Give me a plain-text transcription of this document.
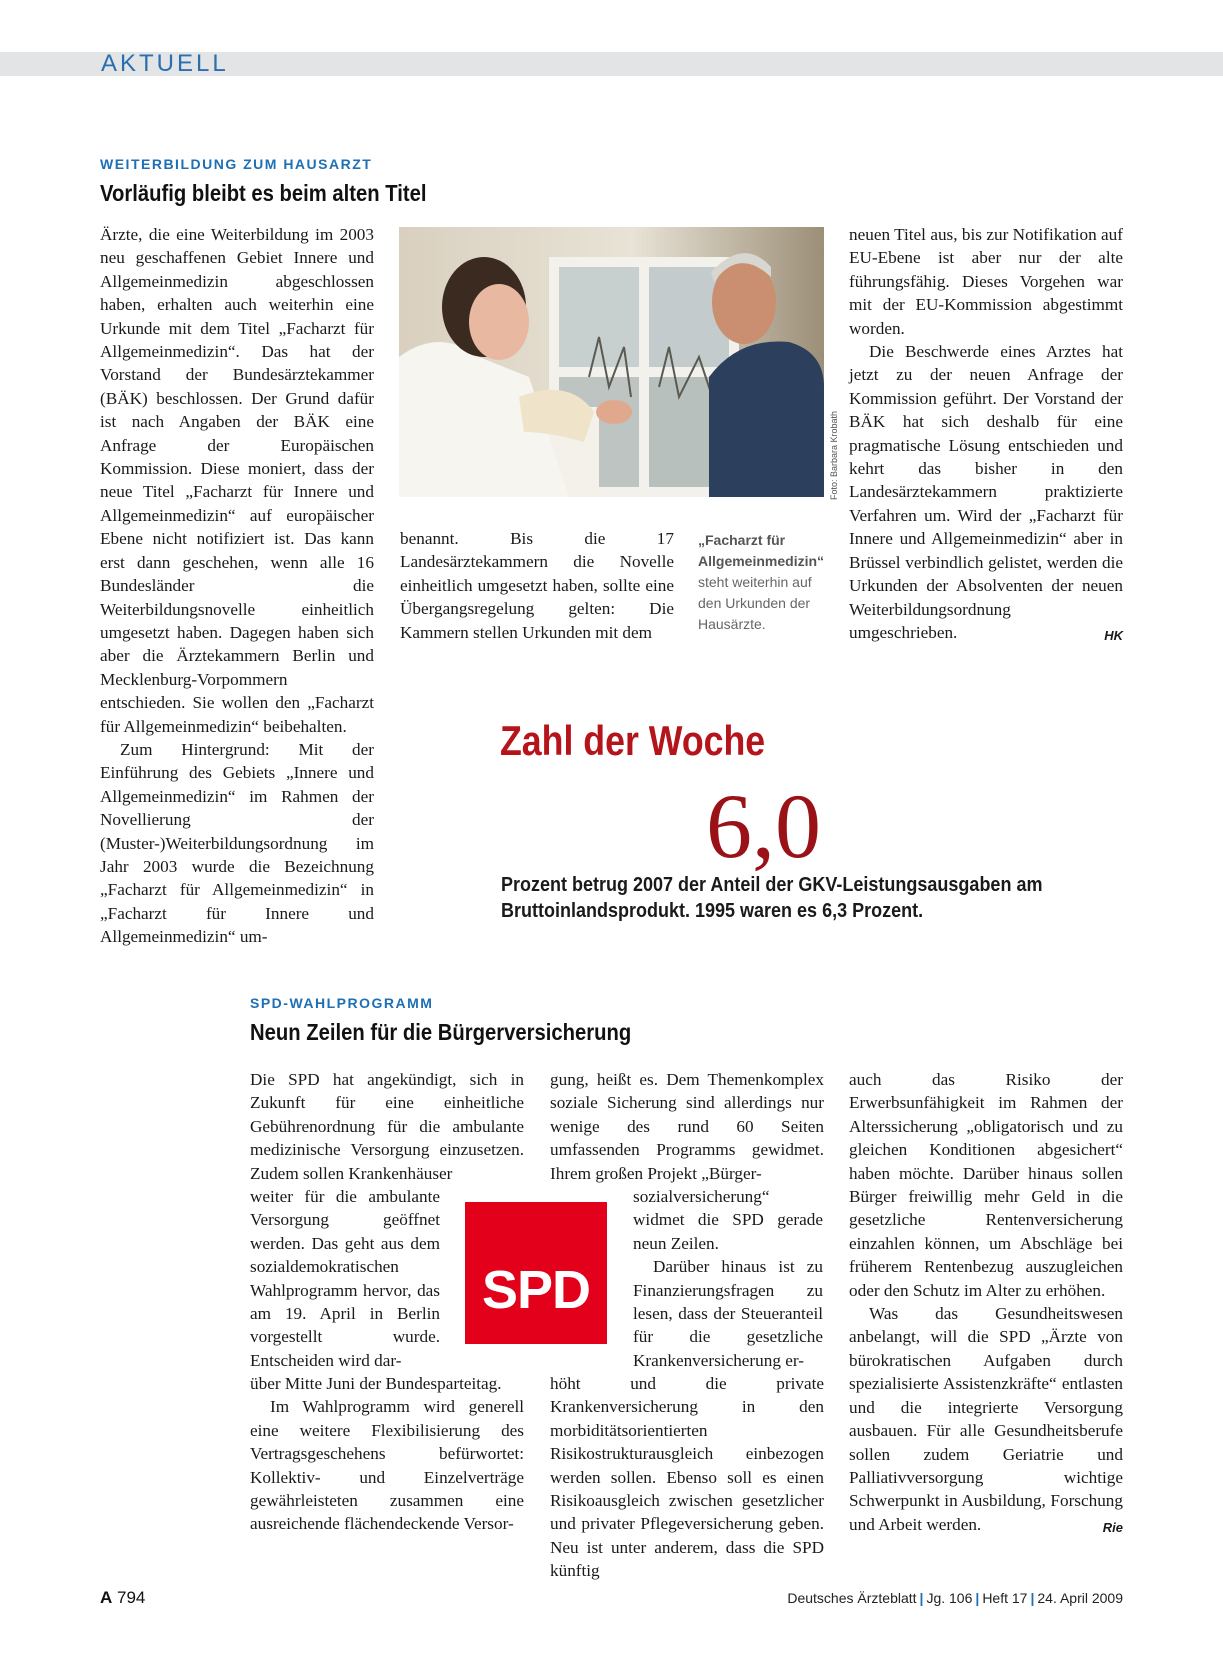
AKTUELL
WEITERBILDUNG ZUM HAUSARZT
Vorläufig bleibt es beim alten Titel

Ärzte, die eine Weiterbildung im 2003 neu geschaffenen Gebiet Innere und Allgemeinmedizin abgeschlossen haben, erhalten auch weiterhin eine Urkunde mit dem Titel „Facharzt für Allgemeinmedizin“. Das hat der Vorstand der Bundesärztekammer (BÄK) beschlossen. Der Grund dafür ist nach Angaben der BÄK eine Anfrage der Europäischen Kommission. Diese moniert, dass der neue Titel „Facharzt für Innere und Allgemeinmedizin“ auf europäischer Ebene nicht notifiziert ist. Das kann erst dann geschehen, wenn alle 16 Bundesländer die Weiterbildungsnovelle einheitlich umgesetzt haben. Dagegen haben sich aber die Ärztekammern Berlin und Mecklenburg-Vorpommern entschieden. Sie wollen den „Facharzt für Allgemeinmedizin“ beibehalten.

Zum Hintergrund: Mit der Einführung des Gebiets „Innere und Allgemeinmedizin“ im Rahmen der Novellierung der (Muster-)Weiterbildungsordnung im Jahr 2003 wurde die Bezeichnung „Facharzt für Allgemeinmedizin“ in „Facharzt für Innere und Allgemeinmedizin“ um-

Foto: Barbara Krobath

benannt. Bis die 17 Landesärztekammern die Novelle einheitlich umgesetzt haben, sollte eine Übergangsregelung gelten: Die Kammern stellen Urkunden mit dem

„Facharzt für Allgemeinmedizin“ steht weiterhin auf den Urkunden der Hausärzte.

neuen Titel aus, bis zur Notifikation auf EU-Ebene ist aber nur der alte führungsfähig. Dieses Vorgehen war mit der EU-Kommission abgestimmt worden.

Die Beschwerde eines Arztes hat jetzt zu der neuen Anfrage der Kommission geführt. Der Vorstand der BÄK hat sich deshalb für eine pragmatische Lösung entschieden und kehrt das bisher in den Landesärztekammern praktizierte Verfahren um. Wird der „Facharzt für Innere und Allgemeinmedizin“ aber in Brüssel verbindlich gelistet, werden die Urkunden der Absolventen der neuen Weiterbildungsordnung umgeschrieben.	HK

Zahl der Woche
6,0
Prozent betrug 2007 der Anteil der GKV-Leistungsausgaben am Bruttoinlandsprodukt. 1995 waren es 6,3 Prozent.
SPD-WAHLPROGRAMM
Neun Zeilen für die Bürgerversicherung

Die SPD hat angekündigt, sich in Zukunft für eine einheitliche Gebührenordnung für die ambulante medizinische Versorgung einzusetzen. Zudem sollen Krankenhäuser

weiter für die ambulante Versorgung geöffnet werden. Das geht aus dem sozialdemokratischen Wahlprogramm hervor, das am 19. April in Berlin vorgestellt wurde. Entscheiden wird dar-

über Mitte Juni der Bundesparteitag.

Im Wahlprogramm wird generell eine weitere Flexibilisierung des Vertragsgeschehens befürwortet: Kollektiv- und Einzelverträge gewährleisteten zusammen eine ausreichende flächendeckende Versor-

SPD

gung, heißt es. Dem Themenkomplex soziale Sicherung sind allerdings nur wenige des rund 60 Seiten umfassenden Programms gewidmet. Ihrem großen Projekt „Bürger-

sozialversicherung“ widmet die SPD gerade neun Zeilen.

Darüber hinaus ist zu Finanzierungsfragen zu lesen, dass der Steueranteil für die gesetzliche Krankenversicherung er-

höht und die private Krankenversicherung in den morbiditätsorientierten Risikostrukturausgleich einbezogen werden sollen. Ebenso soll es einen Risikoausgleich zwischen gesetzlicher und privater Pflegeversicherung geben. Neu ist unter anderem, dass die SPD künftig

auch das Risiko der Erwerbsunfähigkeit im Rahmen der Alterssicherung „obligatorisch und zu gleichen Konditionen abgesichert“ haben möchte. Darüber hinaus sollen Bürger freiwillig mehr Geld in die gesetzliche Rentenversicherung einzahlen können, um Abschläge bei früherem Rentenbezug auszugleichen oder den Schutz im Alter zu erhöhen.

Was das Gesundheitswesen anbelangt, will die SPD „Ärzte von bürokratischen Aufgaben durch spezialisierte Assistenzkräfte“ entlasten und die integrierte Versorgung ausbauen. Für alle Gesundheitsberufe sollen zudem Geriatrie und Palliativversorgung wichtige Schwerpunkt in Ausbildung, Forschung und Arbeit werden.	Rie

A 794	Deutsches Ärzteblatt | Jg. 106 | Heft 17 | 24. April 2009
